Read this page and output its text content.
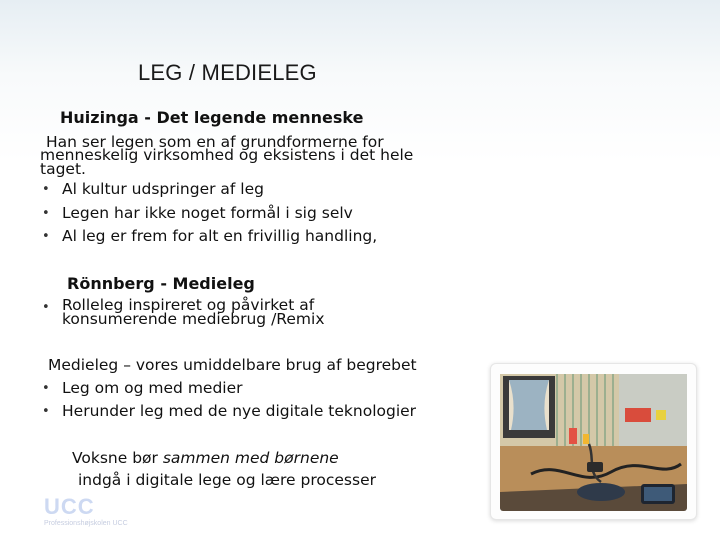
LEG / MEDIELEG
Huizinga - Det legende menneske
Han ser legen som en af grundformerne for
menneskelig virksomhed og eksistens i det hele
taget.
• Al kultur udspringer af leg
• Legen har ikke noget formål i sig selv
• Al leg er frem for alt en frivillig handling,
Rönnberg - Medieleg
• Rolleleg inspireret og påvirket af
konsumerende mediebrug /Remix
Medieleg – vores umiddelbare brug af begrebet
• Leg om og med medier
• Herunder leg med de nye digitale teknologier
Voksne bør sammen med børnene
indgå i digitale lege og lære processer
UCC
Professionshøjskolen UCC
